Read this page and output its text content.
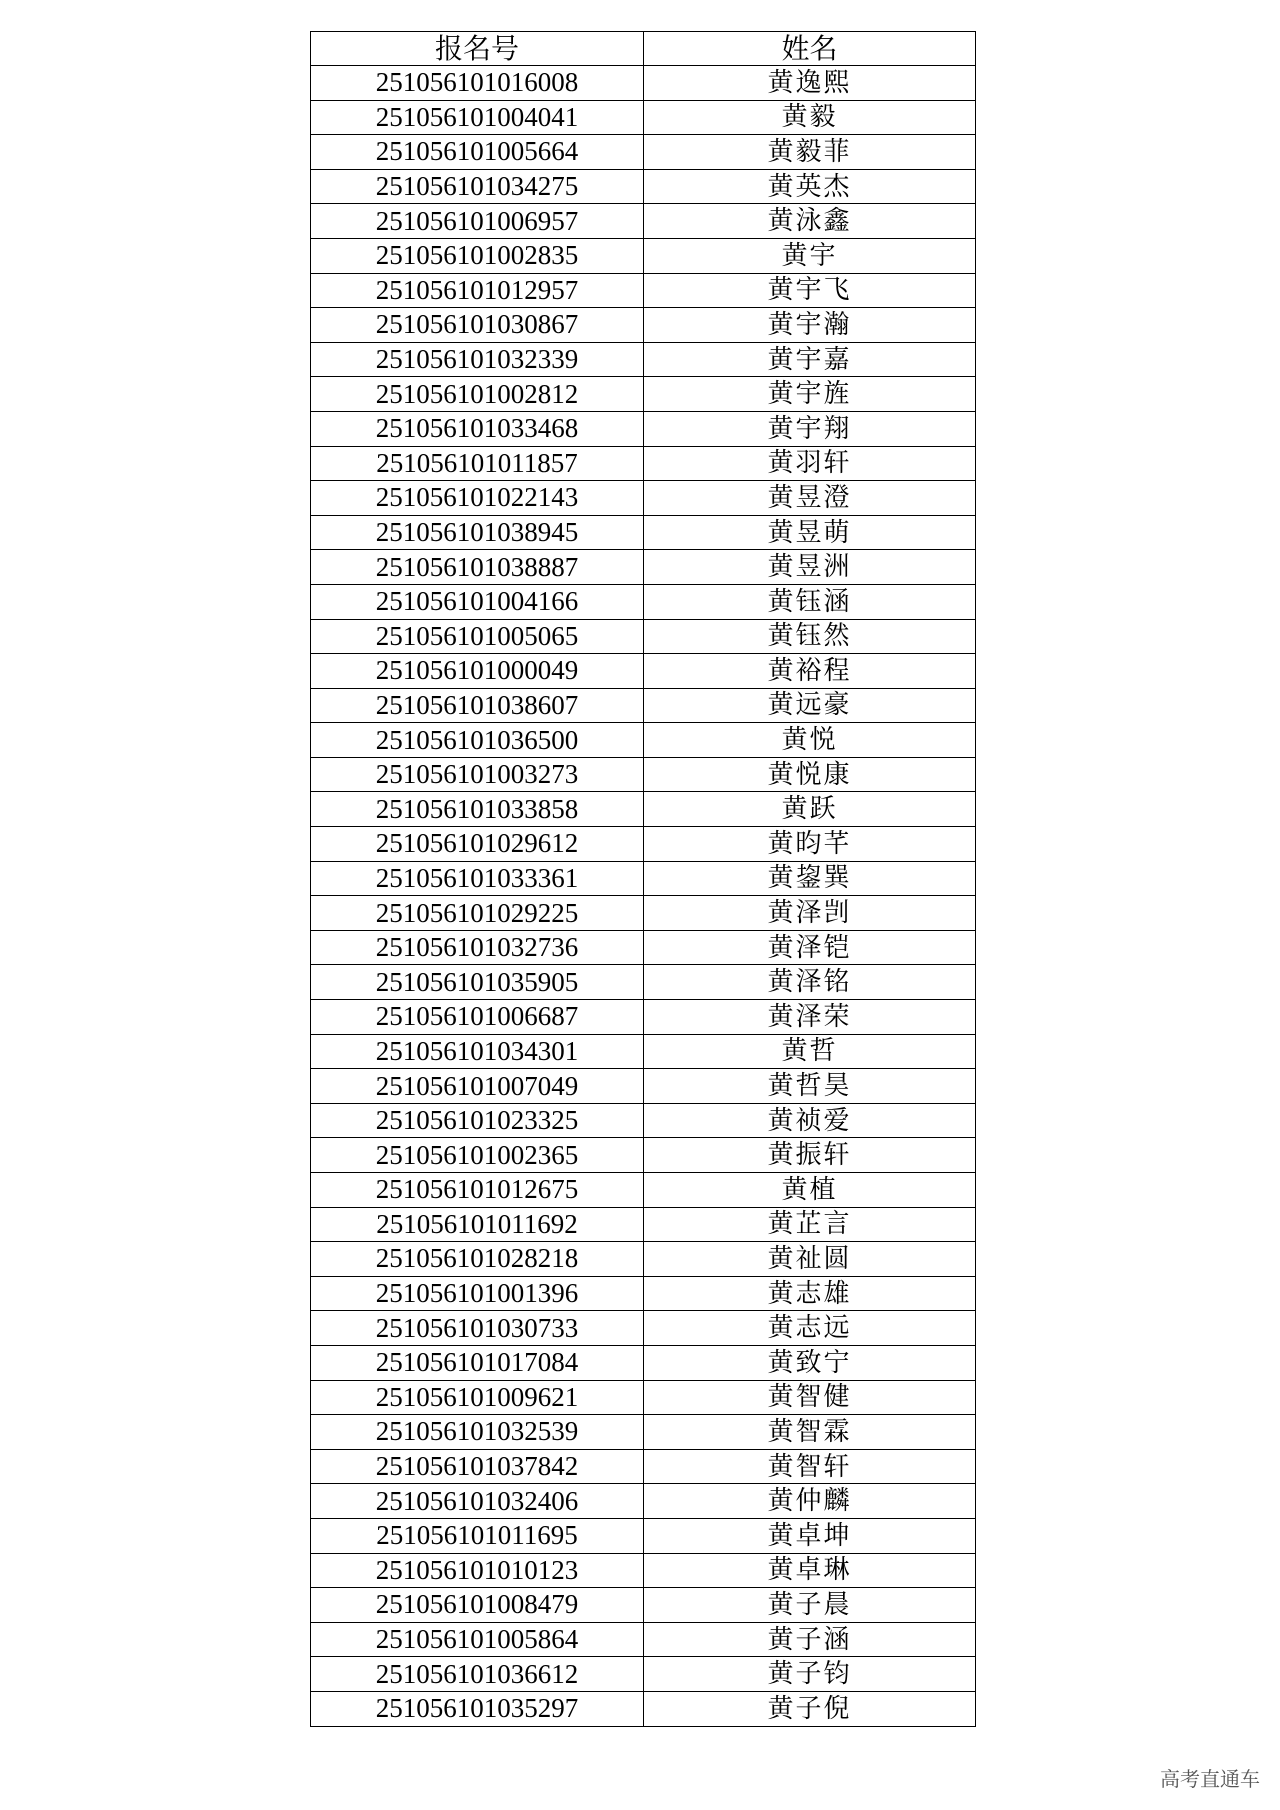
报名号	姓名
251056101016008	黄逸熙
251056101004041	黄毅
251056101005664	黄毅菲
251056101034275	黄英杰
251056101006957	黄泳鑫
251056101002835	黄宇
251056101012957	黄宇飞
251056101030867	黄宇瀚
251056101032339	黄宇嘉
251056101002812	黄宇旌
251056101033468	黄宇翔
251056101011857	黄羽轩
251056101022143	黄昱澄
251056101038945	黄昱萌
251056101038887	黄昱洲
251056101004166	黄钰涵
251056101005065	黄钰然
251056101000049	黄裕程
251056101038607	黄远豪
251056101036500	黄悦
251056101003273	黄悦康
251056101033858	黄跃
251056101029612	黄昀芊
251056101033361	黄鋆巽
251056101029225	黄泽剀
251056101032736	黄泽铠
251056101035905	黄泽铭
251056101006687	黄泽荣
251056101034301	黄哲
251056101007049	黄哲昊
251056101023325	黄祯爱
251056101002365	黄振轩
251056101012675	黄植
251056101011692	黄芷言
251056101028218	黄祉圆
251056101001396	黄志雄
251056101030733	黄志远
251056101017084	黄致宁
251056101009621	黄智健
251056101032539	黄智霖
251056101037842	黄智轩
251056101032406	黄仲麟
251056101011695	黄卓坤
251056101010123	黄卓琳
251056101008479	黄子晨
251056101005864	黄子涵
251056101036612	黄子钧
251056101035297	黄子倪
高考直通车
